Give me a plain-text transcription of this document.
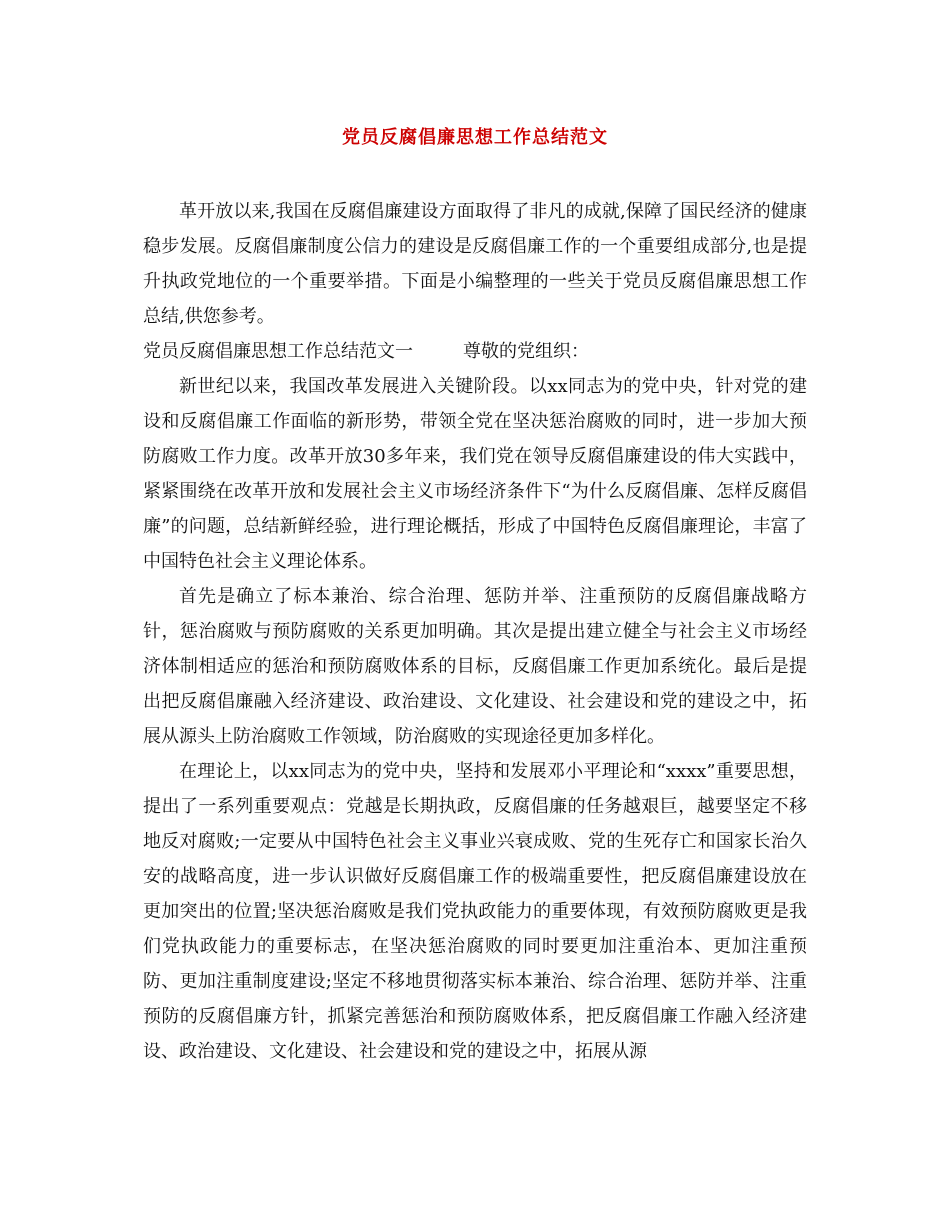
党员反腐倡廉思想工作总结范文

革开放以来,我国在反腐倡廉建设方面取得了非凡的成就,保障了国民经济的健康稳步发展。反腐倡廉制度公信力的建设是反腐倡廉工作的一个重要组成部分,也是提升执政党地位的一个重要举措。下面是小编整理的一些关于党员反腐倡廉思想工作总结,供您参考。

党员反腐倡廉思想工作总结范文一	尊敬的党组织：

新世纪以来，我国改革发展进入关键阶段。以xx同志为的党中央，针对党的建设和反腐倡廉工作面临的新形势，带领全党在坚决惩治腐败的同时，进一步加大预防腐败工作力度。改革开放30多年来，我们党在领导反腐倡廉建设的伟大实践中，紧紧围绕在改革开放和发展社会主义市场经济条件下“为什么反腐倡廉、怎样反腐倡廉”的问题，总结新鲜经验，进行理论概括，形成了中国特色反腐倡廉理论，丰富了中国特色社会主义理论体系。

首先是确立了标本兼治、综合治理、惩防并举、注重预防的反腐倡廉战略方针，惩治腐败与预防腐败的关系更加明确。其次是提出建立健全与社会主义市场经济体制相适应的惩治和预防腐败体系的目标，反腐倡廉工作更加系统化。最后是提出把反腐倡廉融入经济建设、政治建设、文化建设、社会建设和党的建设之中，拓展从源头上防治腐败工作领域，防治腐败的实现途径更加多样化。

在理论上，以xx同志为的党中央，坚持和发展邓小平理论和“xxxx”重要思想，提出了一系列重要观点：党越是长期执政，反腐倡廉的任务越艰巨，越要坚定不移地反对腐败;一定要从中国特色社会主义事业兴衰成败、党的生死存亡和国家长治久安的战略高度，进一步认识做好反腐倡廉工作的极端重要性，把反腐倡廉建设放在更加突出的位置;坚决惩治腐败是我们党执政能力的重要体现，有效预防腐败更是我们党执政能力的重要标志，在坚决惩治腐败的同时要更加注重治本、更加注重预防、更加注重制度建设;坚定不移地贯彻落实标本兼治、综合治理、惩防并举、注重预防的反腐倡廉方针，抓紧完善惩治和预防腐败体系，把反腐倡廉工作融入经济建设、政治建设、文化建设、社会建设和党的建设之中，拓展从源
